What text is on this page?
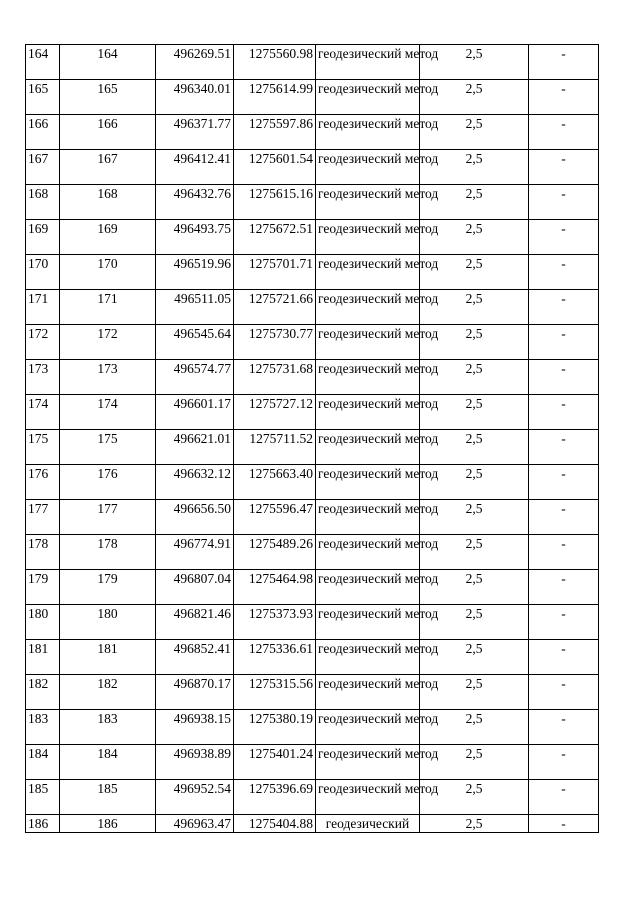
164	164	496269.51	1275560.98	геодезический метод	2,5	-
165	165	496340.01	1275614.99	геодезический метод	2,5	-
166	166	496371.77	1275597.86	геодезический метод	2,5	-
167	167	496412.41	1275601.54	геодезический метод	2,5	-
168	168	496432.76	1275615.16	геодезический метод	2,5	-
169	169	496493.75	1275672.51	геодезический метод	2,5	-
170	170	496519.96	1275701.71	геодезический метод	2,5	-
171	171	496511.05	1275721.66	геодезический метод	2,5	-
172	172	496545.64	1275730.77	геодезический метод	2,5	-
173	173	496574.77	1275731.68	геодезический метод	2,5	-
174	174	496601.17	1275727.12	геодезический метод	2,5	-
175	175	496621.01	1275711.52	геодезический метод	2,5	-
176	176	496632.12	1275663.40	геодезический метод	2,5	-
177	177	496656.50	1275596.47	геодезический метод	2,5	-
178	178	496774.91	1275489.26	геодезический метод	2,5	-
179	179	496807.04	1275464.98	геодезический метод	2,5	-
180	180	496821.46	1275373.93	геодезический метод	2,5	-
181	181	496852.41	1275336.61	геодезический метод	2,5	-
182	182	496870.17	1275315.56	геодезический метод	2,5	-
183	183	496938.15	1275380.19	геодезический метод	2,5	-
184	184	496938.89	1275401.24	геодезический метод	2,5	-
185	185	496952.54	1275396.69	геодезический метод	2,5	-
186	186	496963.47	1275404.88	геодезический	2,5	-
